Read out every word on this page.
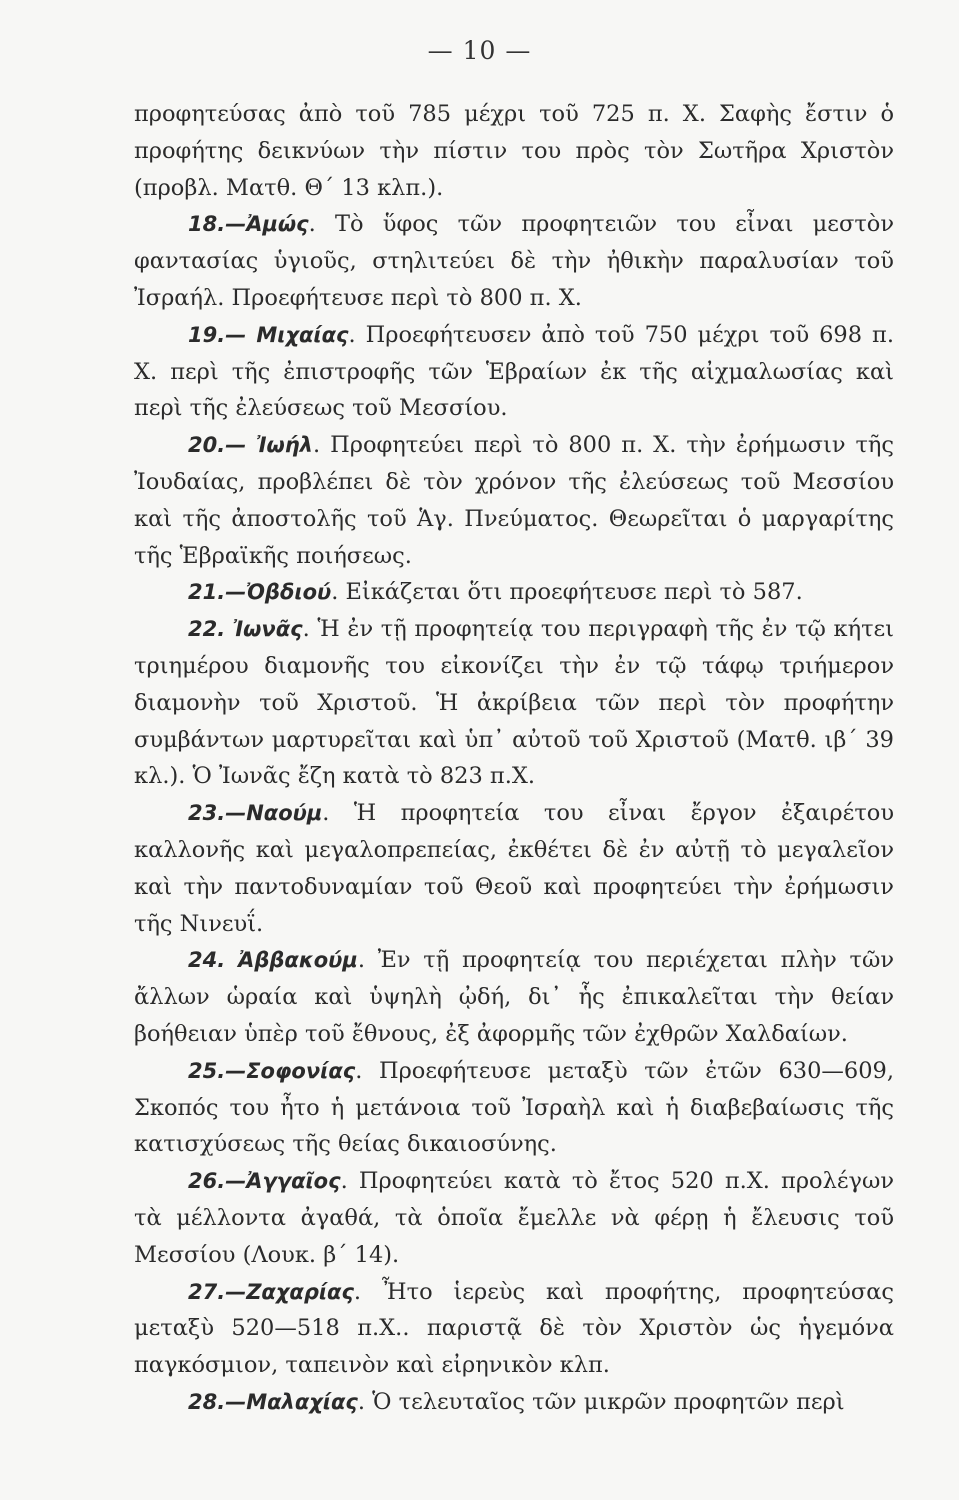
— 10 —

προφητεύσας ἀπὸ τοῦ 785 μέχρι τοῦ 725 π. Χ. Σαφὴς ἔστιν ὁ προφήτης δεικνύων τὴν πίστιν του πρὸς τὸν Σωτῆρα Χριστὸν (προβλ. Ματθ. Θ΄ 13 κλπ.).

18.—Ἀμώς. Τὸ ὕφος τῶν προφητειῶν του εἶναι μεστὸν φαντασίας ὑγιοῦς, στηλιτεύει δὲ τὴν ἠθικὴν παραλυσίαν τοῦ Ἰσραήλ. Προεφήτευσε περὶ τὸ 800 π. Χ.

19.— Μιχαίας. Προεφήτευσεν ἀπὸ τοῦ 750 μέχρι τοῦ 698 π. Χ. περὶ τῆς ἐπιστροφῆς τῶν Ἑβραίων ἐκ τῆς αἰχμαλωσίας καὶ περὶ τῆς ἐλεύσεως τοῦ Μεσσίου.

20.— Ἰωήλ. Προφητεύει περὶ τὸ 800 π. Χ. τὴν ἐρήμωσιν τῆς Ἰουδαίας, προβλέπει δὲ τὸν χρόνον τῆς ἐλεύσεως τοῦ Μεσσίου καὶ τῆς ἀποστολῆς τοῦ Ἁγ. Πνεύματος. Θεωρεῖται ὁ μαργαρίτης τῆς Ἑβραϊκῆς ποιήσεως.

21.—Ὀβδιού. Εἰκάζεται ὅτι προεφήτευσε περὶ τὸ 587.

22. Ἰωνᾶς. Ἡ ἐν τῇ προφητείᾳ του περιγραφὴ τῆς ἐν τῷ κήτει τριημέρου διαμονῆς του εἰκονίζει τὴν ἐν τῷ τάφῳ τριήμερον διαμονὴν τοῦ Χριστοῦ. Ἡ ἀκρίβεια τῶν περὶ τὸν προφήτην συμβάντων μαρτυρεῖται καὶ ὑπ᾽ αὐτοῦ τοῦ Χριστοῦ (Ματθ. ιβ΄ 39 κλ.). Ὁ Ἰωνᾶς ἔζη κατὰ τὸ 823 π.Χ.

23.—Ναούμ. Ἡ προφητεία του εἶναι ἔργον ἐξαιρέτου καλλονῆς καὶ μεγαλοπρεπείας, ἐκθέτει δὲ ἐν αὐτῇ τὸ μεγαλεῖον καὶ τὴν παντοδυναμίαν τοῦ Θεοῦ καὶ προφητεύει τὴν ἐρήμωσιν τῆς Νινευΐ.

24. Ἀββακούμ. Ἐν τῇ προφητείᾳ του περιέχεται πλὴν τῶν ἄλλων ὡραία καὶ ὑψηλὴ ᾠδή, δι᾽ ἧς ἐπικαλεῖται τὴν θείαν βοήθειαν ὑπὲρ τοῦ ἔθνους, ἐξ ἀφορμῆς τῶν ἐχθρῶν Χαλδαίων.

25.—Σοφονίας. Προεφήτευσε μεταξὺ τῶν ἐτῶν 630—609, Σκοπός του ἦτο ἡ μετάνοια τοῦ Ἰσραὴλ καὶ ἡ διαβεβαίωσις τῆς κατισχύσεως τῆς θείας δικαιοσύνης.

26.—Ἀγγαῖος. Προφητεύει κατὰ τὸ ἔτος 520 π.Χ. προλέγων τὰ μέλλοντα ἀγαθά, τὰ ὁποῖα ἔμελλε νὰ φέρῃ ἡ ἔλευσις τοῦ Μεσσίου (Λουκ. β΄ 14).

27.—Ζαχαρίας. Ἦτο ἱερεὺς καὶ προφήτης, προφητεύσας μεταξὺ 520—518 π.Χ.. παριστᾷ δὲ τὸν Χριστὸν ὡς ἡγεμόνα παγκόσμιον, ταπεινὸν καὶ εἰρηνικὸν κλπ.

28.—Μαλαχίας. Ὁ τελευταῖος τῶν μικρῶν προφητῶν περὶ
